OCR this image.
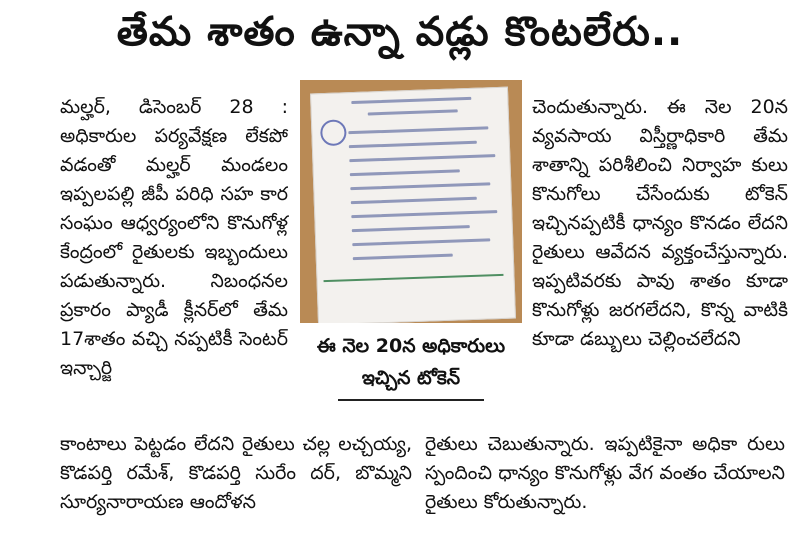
తేమ శాతం ఉన్నా వడ్లు కొంటలేరు..

మల్హర్, డిసెంబర్ 28 : అధికారుల పర్యవేక్షణ లేకపో వడంతో మల్హర్ మండలం ఇప్పలపల్లి జీపీ పరిధి సహ కార సంఘం ఆధ్వర్యంలోని కొనుగోళ్ల కేంద్రంలో రైతులకు ఇబ్బందులు పడుతున్నారు. నిబంధనల ప్రకారం ప్యాడీ క్లీనర్‌లో తేమ 17శాతం వచ్చి నప్పటికీ సెంటర్ ఇన్చార్జి

ఈ నెల 20న అధికారులు
ఇచ్చిన టోకెన్

చెందుతున్నారు. ఈ నెల 20న వ్యవసాయ విస్తీర్ణాధికారి తేమ శాతాన్ని పరిశీలించి నిర్వాహ కులు కొనుగోలు చేసేందుకు టోకెన్ ఇచ్చినప్పటికీ ధాన్యం కొనడం లేదని రైతులు ఆవేదన వ్యక్తంచేస్తున్నారు. ఇప్పటివరకు పావు శాతం కూడా కొనుగోళ్లు జరగలేదని, కొన్న వాటికి కూడా డబ్బులు చెల్లించలేదని

కాంటాలు పెట్టడం లేదని రైతులు చల్ల లచ్చయ్య, కొడపర్తి రమేశ్, కొడపర్తి సురేం దర్, బొమ్మని సూర్యనారాయణ ఆందోళన

రైతులు చెబుతున్నారు. ఇప్పటికైనా అధికా రులు స్పందించి ధాన్యం కొనుగోళ్లు వేగ వంతం చేయాలని రైతులు కోరుతున్నారు.
